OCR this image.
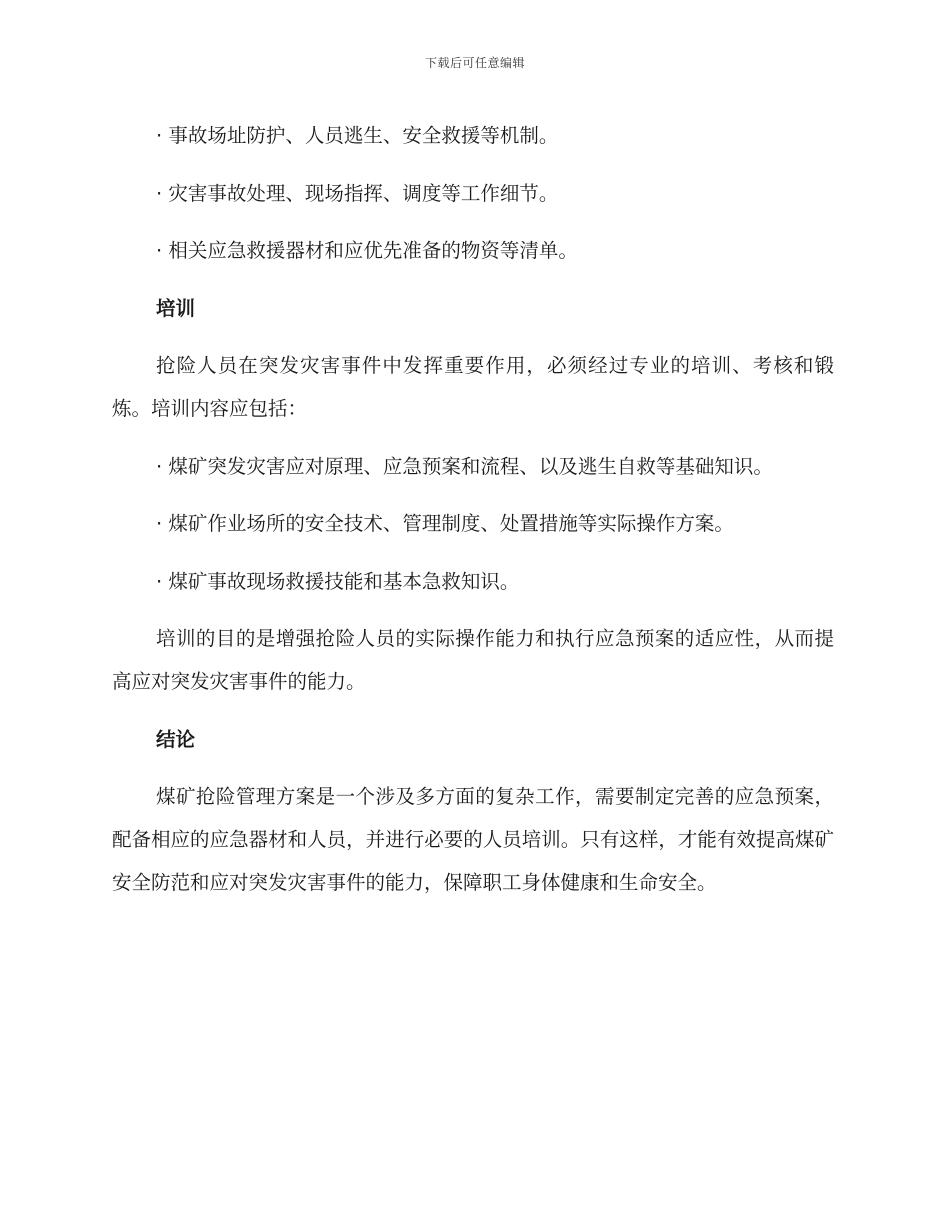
下载后可任意编辑

· 事故场址防护、人员逃生、安全救援等机制。

· 灾害事故处理、现场指挥、调度等工作细节。

· 相关应急救援器材和应优先准备的物资等清单。

培训

抢险人员在突发灾害事件中发挥重要作用，必须经过专业的培训、考核和锻炼。培训内容应包括：

· 煤矿突发灾害应对原理、应急预案和流程、以及逃生自救等基础知识。

· 煤矿作业场所的安全技术、管理制度、处置措施等实际操作方案。

· 煤矿事故现场救援技能和基本急救知识。

培训的目的是增强抢险人员的实际操作能力和执行应急预案的适应性，从而提高应对突发灾害事件的能力。

结论

煤矿抢险管理方案是一个涉及多方面的复杂工作，需要制定完善的应急预案，配备相应的应急器材和人员，并进行必要的人员培训。只有这样，才能有效提高煤矿安全防范和应对突发灾害事件的能力，保障职工身体健康和生命安全。
